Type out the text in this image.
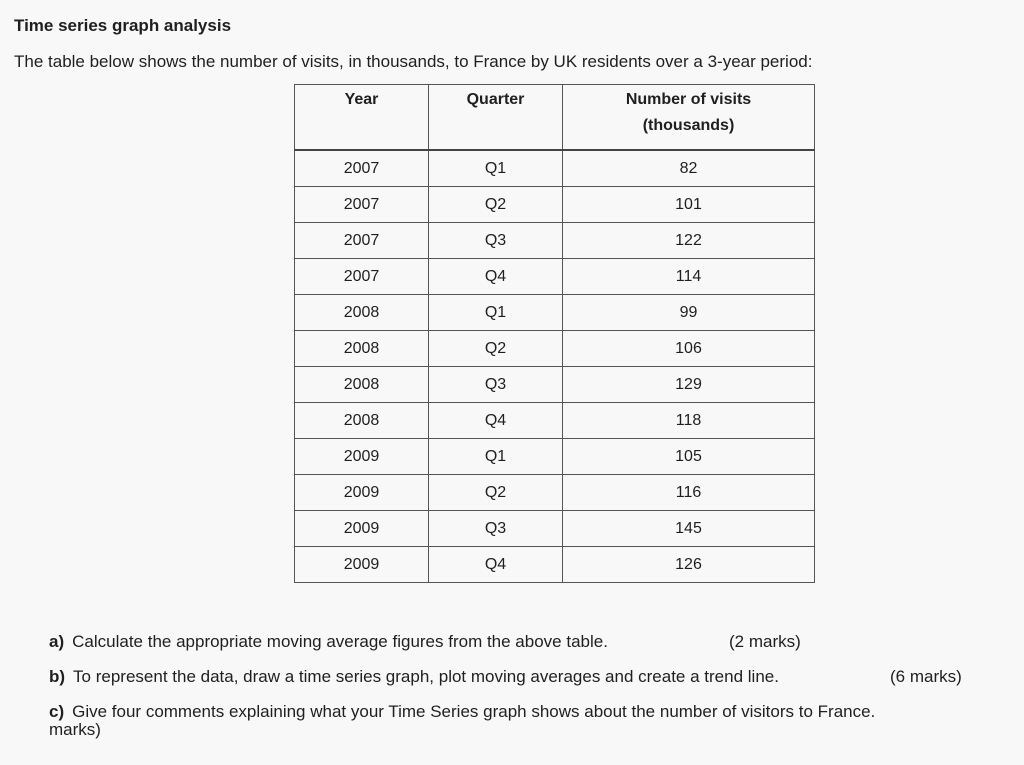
Time series graph analysis
The table below shows the number of visits, in thousands, to France by UK residents over a 3-year period:
Year	Quarter	Number of visits
(thousands)
2007	Q1	82
2007	Q2	101
2007	Q3	122
2007	Q4	114
2008	Q1	99
2008	Q2	106
2008	Q3	129
2008	Q4	118
2009	Q1	105
2009	Q2	116
2009	Q3	145
2009	Q4	126
a) Calculate the appropriate moving average figures from the above table.	(2 marks)
b) To represent the data, draw a time series graph, plot moving averages and create a trend line.	(6 marks)
c) Give four comments explaining what your Time Series graph shows about the number of visitors to France.
marks)
